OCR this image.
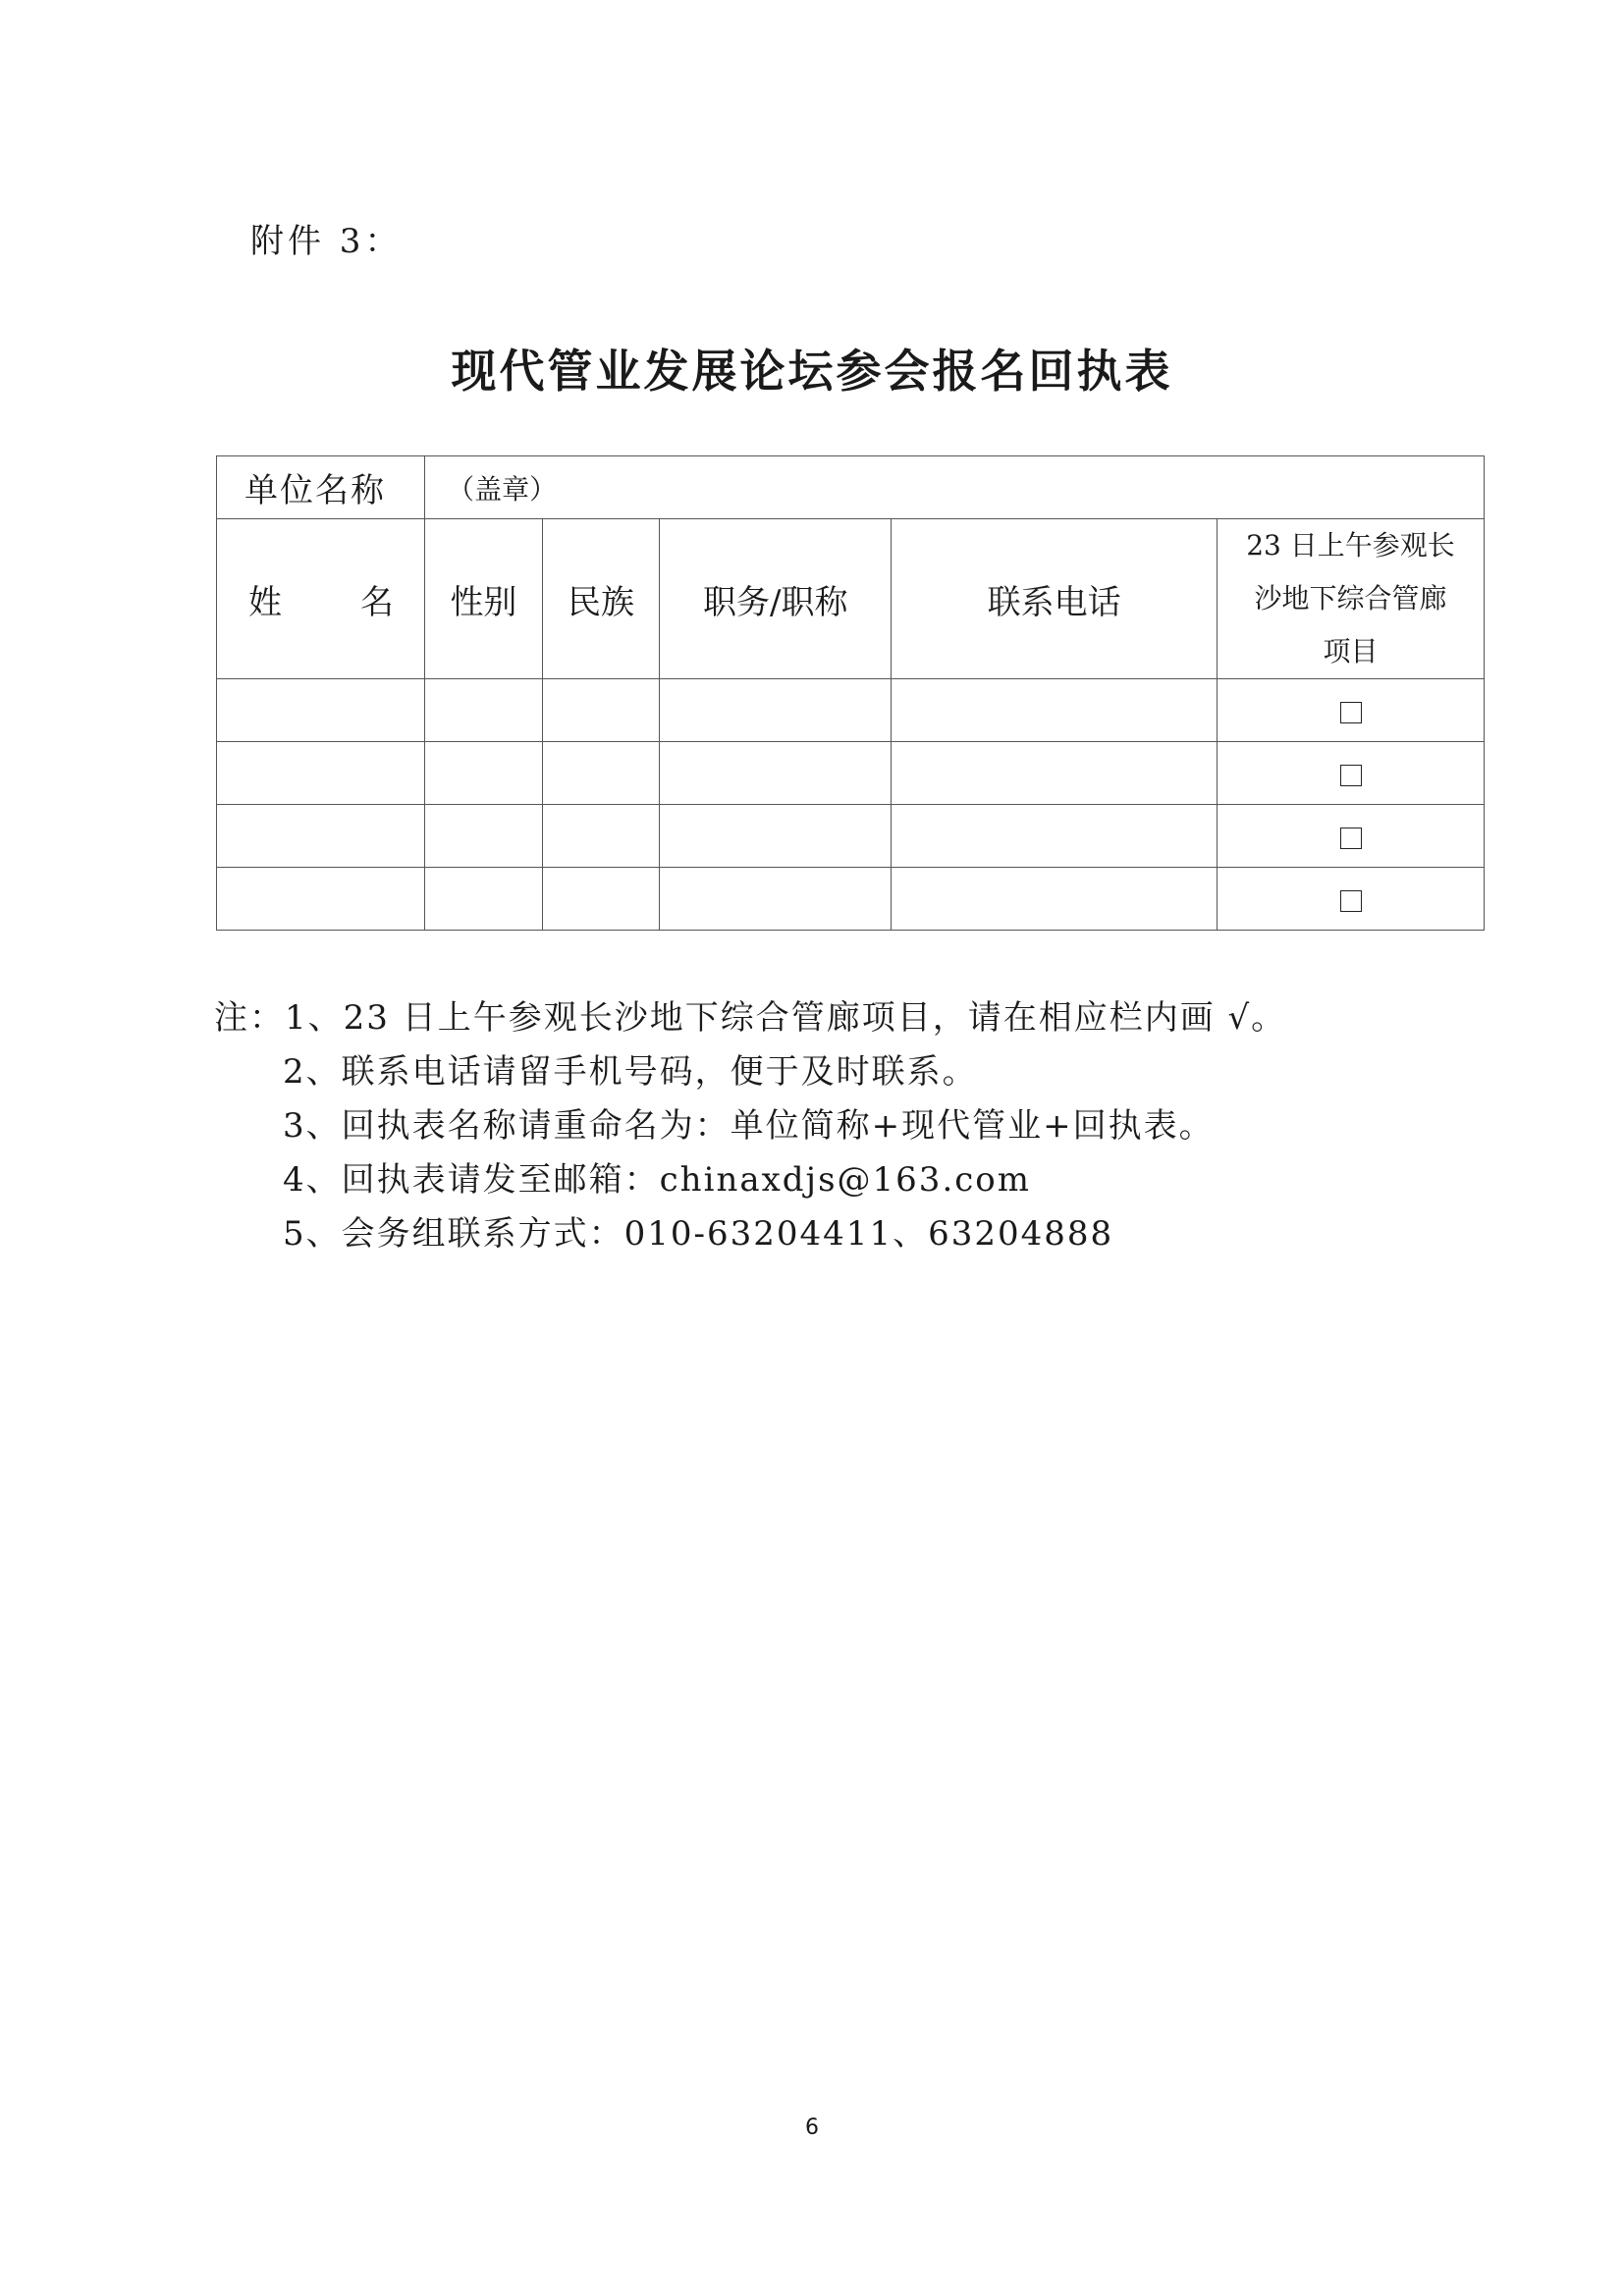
附件 3：
现代管业发展论坛参会报名回执表
单位名称	（盖章）				
姓 名	性别	民族	职务/职称	联系电话	23 日上午参观长
沙地下综合管廊
项目

注：1、23 日上午参观长沙地下综合管廊项目，请在相应栏内画 √。
2、联系电话请留手机号码，便于及时联系。
3、回执表名称请重命名为：单位简称+现代管业+回执表。
4、回执表请发至邮箱：chinaxdjs@163.com
5、会务组联系方式：010-63204411、63204888
6
